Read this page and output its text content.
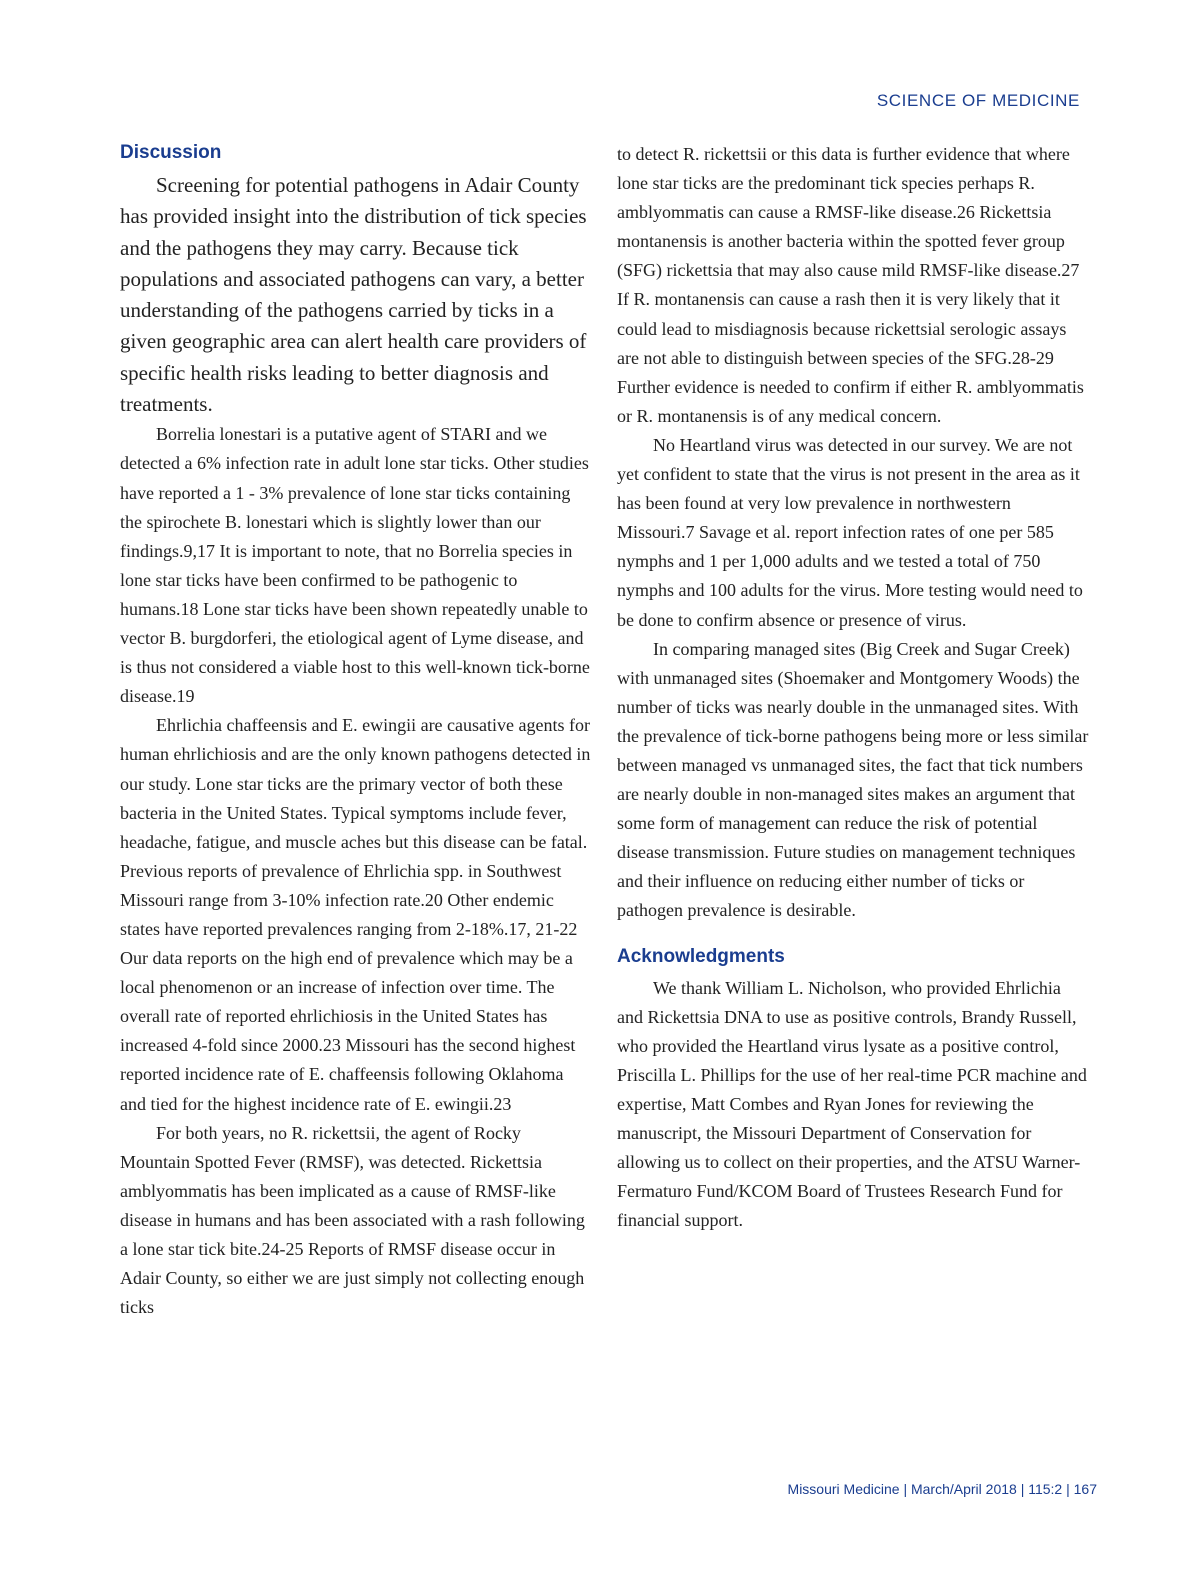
SCIENCE OF MEDICINE
Discussion

Screening for potential pathogens in Adair County has provided insight into the distribution of tick species and the pathogens they may carry. Because tick populations and associated pathogens can vary, a better understanding of the pathogens carried by ticks in a given geographic area can alert health care providers of specific health risks leading to better diagnosis and treatments.

Borrelia lonestari is a putative agent of STARI and we detected a 6% infection rate in adult lone star ticks. Other studies have reported a 1 - 3% prevalence of lone star ticks containing the spirochete B. lonestari which is slightly lower than our findings.9,17 It is important to note, that no Borrelia species in lone star ticks have been confirmed to be pathogenic to humans.18 Lone star ticks have been shown repeatedly unable to vector B. burgdorferi, the etiological agent of Lyme disease, and is thus not considered a viable host to this well-known tick-borne disease.19

Ehrlichia chaffeensis and E. ewingii are causative agents for human ehrlichiosis and are the only known pathogens detected in our study. Lone star ticks are the primary vector of both these bacteria in the United States. Typical symptoms include fever, headache, fatigue, and muscle aches but this disease can be fatal. Previous reports of prevalence of Ehrlichia spp. in Southwest Missouri range from 3-10% infection rate.20 Other endemic states have reported prevalences ranging from 2-18%.17, 21-22 Our data reports on the high end of prevalence which may be a local phenomenon or an increase of infection over time. The overall rate of reported ehrlichiosis in the United States has increased 4-fold since 2000.23 Missouri has the second highest reported incidence rate of E. chaffeensis following Oklahoma and tied for the highest incidence rate of E. ewingii.23

For both years, no R. rickettsii, the agent of Rocky Mountain Spotted Fever (RMSF), was detected. Rickettsia amblyommatis has been implicated as a cause of RMSF-like disease in humans and has been associated with a rash following a lone star tick bite.24-25 Reports of RMSF disease occur in Adair County, so either we are just simply not collecting enough ticks

to detect R. rickettsii or this data is further evidence that where lone star ticks are the predominant tick species perhaps R. amblyommatis can cause a RMSF-like disease.26 Rickettsia montanensis is another bacteria within the spotted fever group (SFG) rickettsia that may also cause mild RMSF-like disease.27 If R. montanensis can cause a rash then it is very likely that it could lead to misdiagnosis because rickettsial serologic assays are not able to distinguish between species of the SFG.28-29 Further evidence is needed to confirm if either R. amblyommatis or R. montanensis is of any medical concern.

No Heartland virus was detected in our survey. We are not yet confident to state that the virus is not present in the area as it has been found at very low prevalence in northwestern Missouri.7 Savage et al. report infection rates of one per 585 nymphs and 1 per 1,000 adults and we tested a total of 750 nymphs and 100 adults for the virus. More testing would need to be done to confirm absence or presence of virus.

In comparing managed sites (Big Creek and Sugar Creek) with unmanaged sites (Shoemaker and Montgomery Woods) the number of ticks was nearly double in the unmanaged sites. With the prevalence of tick-borne pathogens being more or less similar between managed vs unmanaged sites, the fact that tick numbers are nearly double in non-managed sites makes an argument that some form of management can reduce the risk of potential disease transmission. Future studies on management techniques and their influence on reducing either number of ticks or pathogen prevalence is desirable.

Acknowledgments

We thank William L. Nicholson, who provided Ehrlichia and Rickettsia DNA to use as positive controls, Brandy Russell, who provided the Heartland virus lysate as a positive control, Priscilla L. Phillips for the use of her real-time PCR machine and expertise, Matt Combes and Ryan Jones for reviewing the manuscript, the Missouri Department of Conservation for allowing us to collect on their properties, and the ATSU Warner-Fermaturo Fund/KCOM Board of Trustees Research Fund for financial support.

Missouri Medicine | March/April 2018 | 115:2 | 167
